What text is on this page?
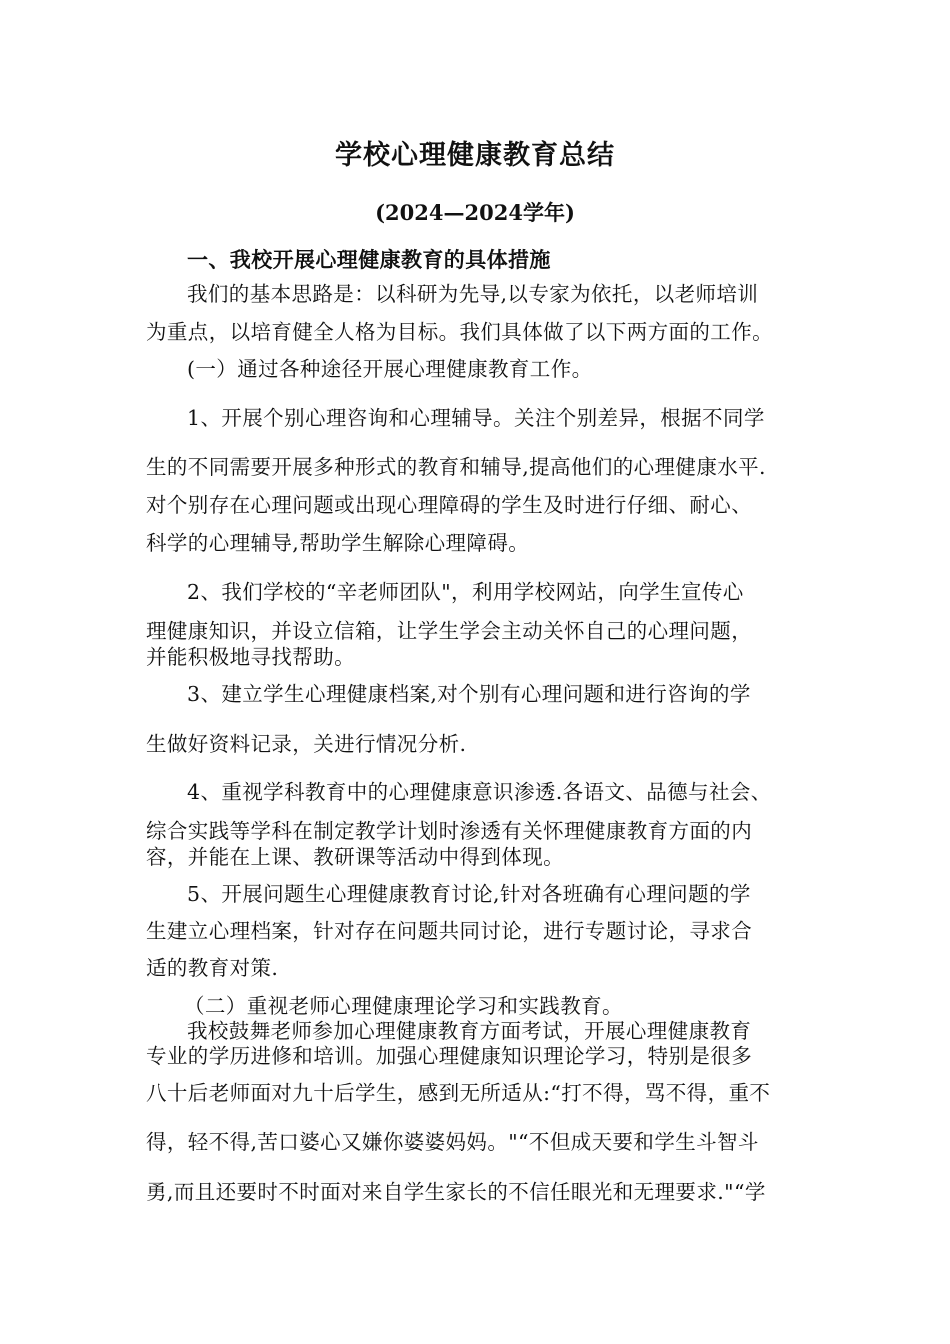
学校心理健康教育总结

(2024—2024学年)

一、我校开展心理健康教育的具体措施

我们的基本思路是：以科研为先导,以专家为依托，以老师培训

为重点，以培育健全人格为目标。我们具体做了以下两方面的工作。

(一）通过各种途径开展心理健康教育工作。

1、开展个别心理咨询和心理辅导。关注个别差异，根据不同学

生的不同需要开展多种形式的教育和辅导,提高他们的心理健康水平.

对个别存在心理问题或出现心理障碍的学生及时进行仔细、耐心、

科学的心理辅导,帮助学生解除心理障碍。

2、我们学校的“辛老师团队"，利用学校网站，向学生宣传心

理健康知识，并设立信箱，让学生学会主动关怀自己的心理问题，

并能积极地寻找帮助。

3、建立学生心理健康档案,对个别有心理问题和进行咨询的学

生做好资料记录，关进行情况分析.

4、重视学科教育中的心理健康意识渗透.各语文、品德与社会、

综合实践等学科在制定教学计划时渗透有关怀理健康教育方面的内

容，并能在上课、教研课等活动中得到体现。

5、开展问题生心理健康教育讨论,针对各班确有心理问题的学

生建立心理档案，针对存在问题共同讨论，进行专题讨论，寻求合

适的教育对策.

（二）重视老师心理健康理论学习和实践教育。

我校鼓舞老师参加心理健康教育方面考试，开展心理健康教育

专业的学历进修和培训。加强心理健康知识理论学习，特别是很多

八十后老师面对九十后学生，感到无所适从:“打不得，骂不得，重不

得，轻不得,苦口婆心又嫌你婆婆妈妈。"“不但成天要和学生斗智斗

勇,而且还要时不时面对来自学生家长的不信任眼光和无理要求."“学
